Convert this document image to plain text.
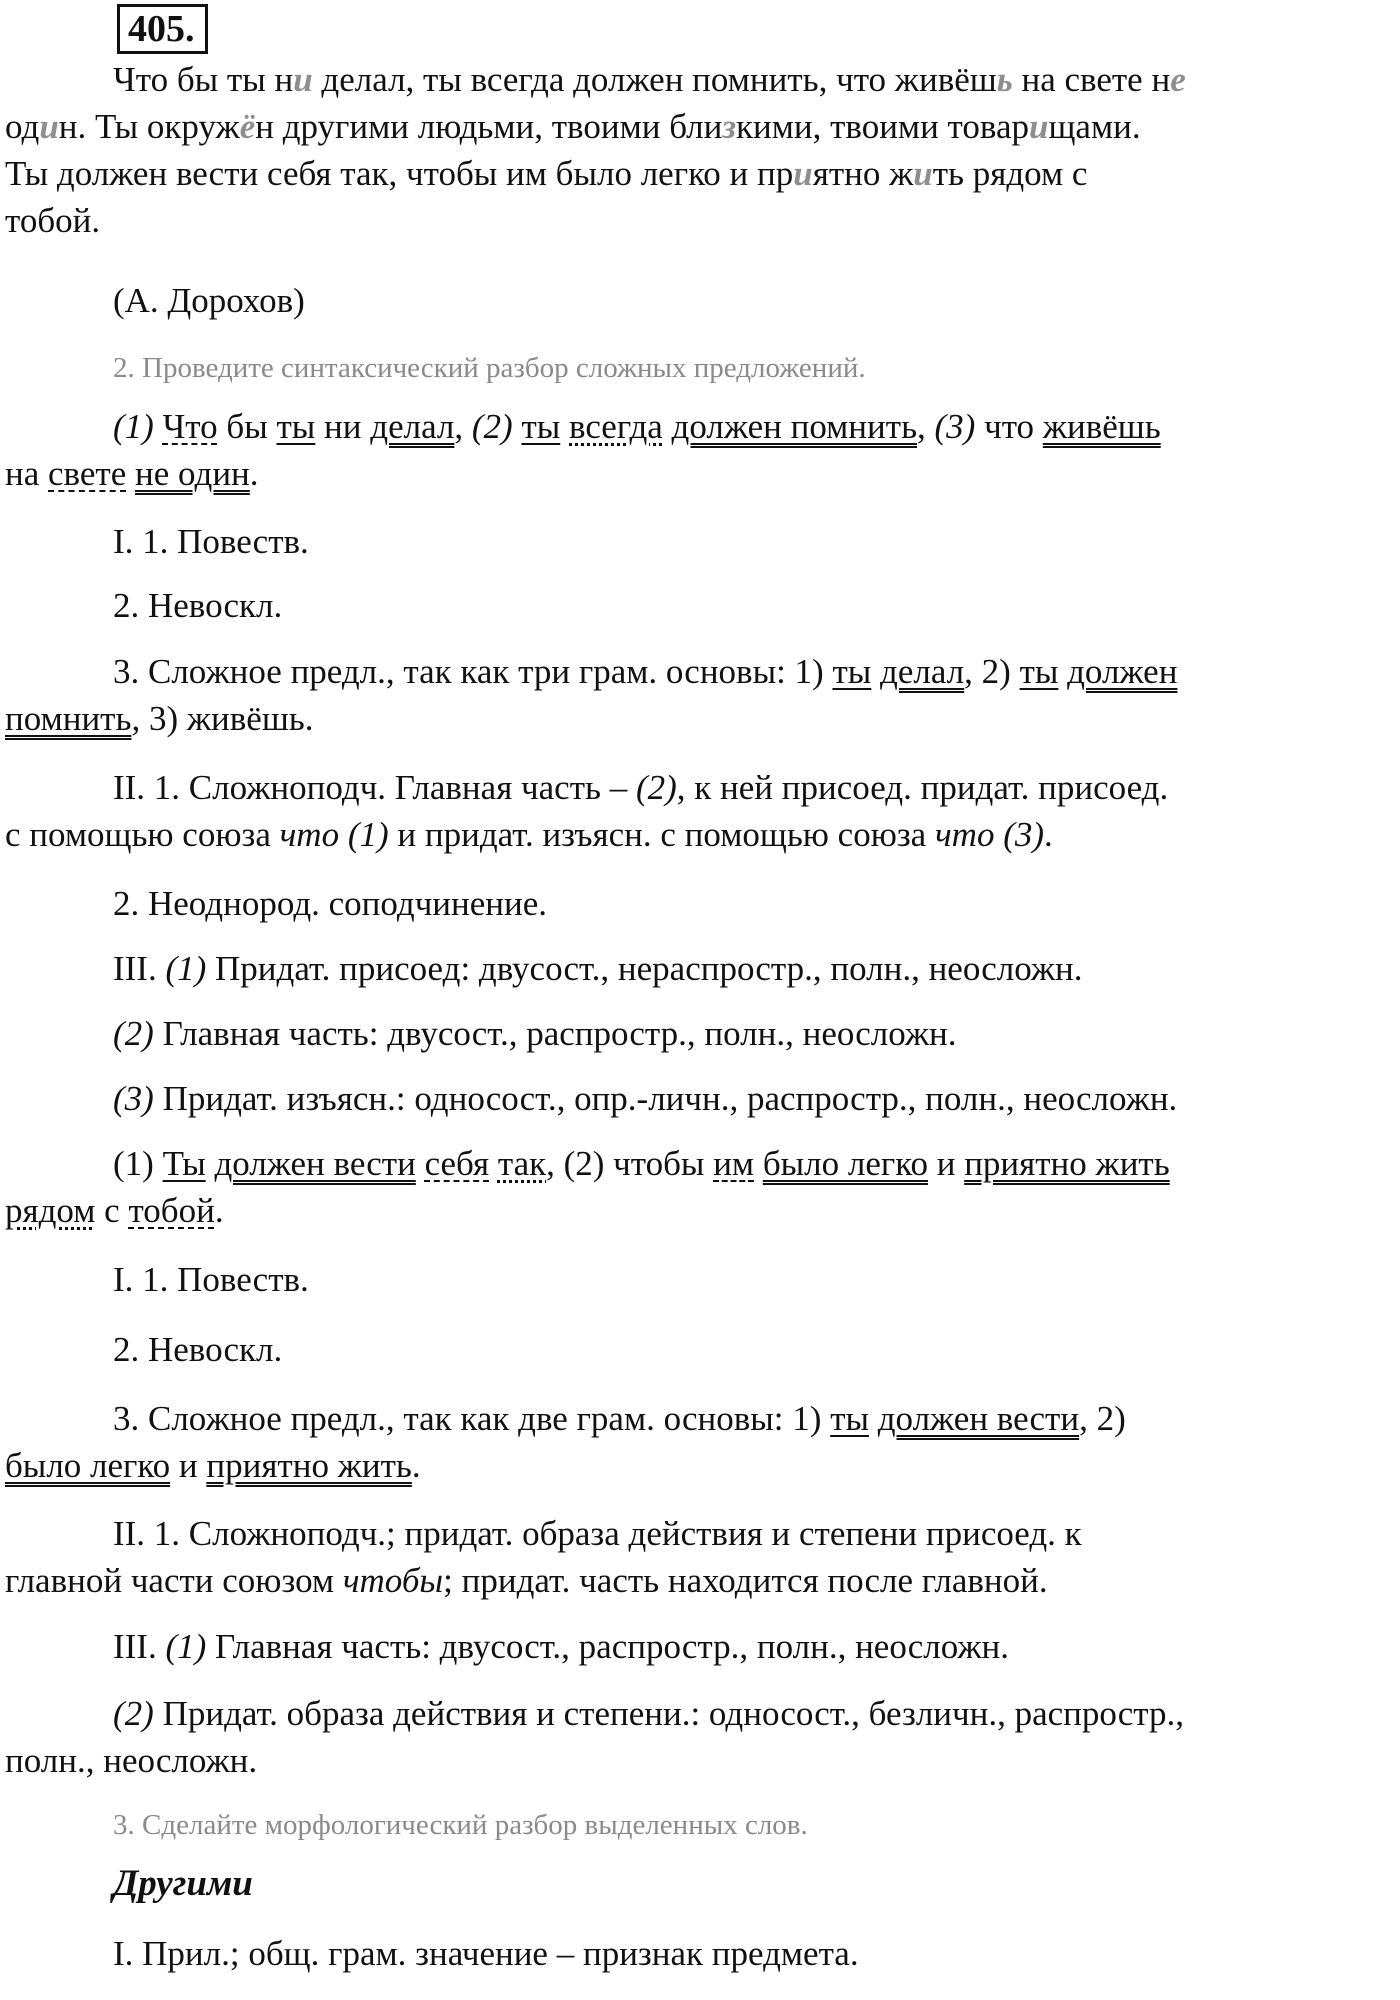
405.
Что бы ты ни делал, ты всегда должен помнить, что живёшь на свете не
один. Ты окружён другими людьми, твоими близкими, твоими товарищами.
Ты должен вести себя так, чтобы им было легко и приятно жить рядом с
тобой.
(А. Дорохов)
2. Проведите синтаксический разбор сложных предложений.
(1) Что бы ты ни делал, (2) ты всегда должен помнить, (3) что живёшь
на свете не один.
I. 1. Повеств.
2. Невоскл.
3. Сложное предл., так как три грам. основы: 1) ты делал, 2) ты должен
помнить, 3) живёшь.
II. 1. Сложноподч. Главная часть – (2), к ней присоед. придат. присоед.
с помощью союза что (1) и придат. изъясн. с помощью союза что (3).
2. Неоднород. соподчинение.
III. (1) Придат. присоед: двусост., нераспростр., полн., неосложн.
(2) Главная часть: двусост., распростр., полн., неосложн.
(3) Придат. изъясн.: односост., опр.-личн., распростр., полн., неосложн.
(1) Ты должен вести себя так, (2) чтобы им было легко и приятно жить
рядом с тобой.
I. 1. Повеств.
2. Невоскл.
3. Сложное предл., так как две грам. основы: 1) ты должен вести, 2)
было легко и приятно жить.
II. 1. Сложноподч.; придат. образа действия и степени присоед. к
главной части союзом чтобы; придат. часть находится после главной.
III. (1) Главная часть: двусост., распростр., полн., неосложн.
(2) Придат. образа действия и степени.: односост., безличн., распростр.,
полн., неосложн.
3. Сделайте морфологический разбор выделенных слов.
Другими
I. Прил.; общ. грам. значение – признак предмета.
